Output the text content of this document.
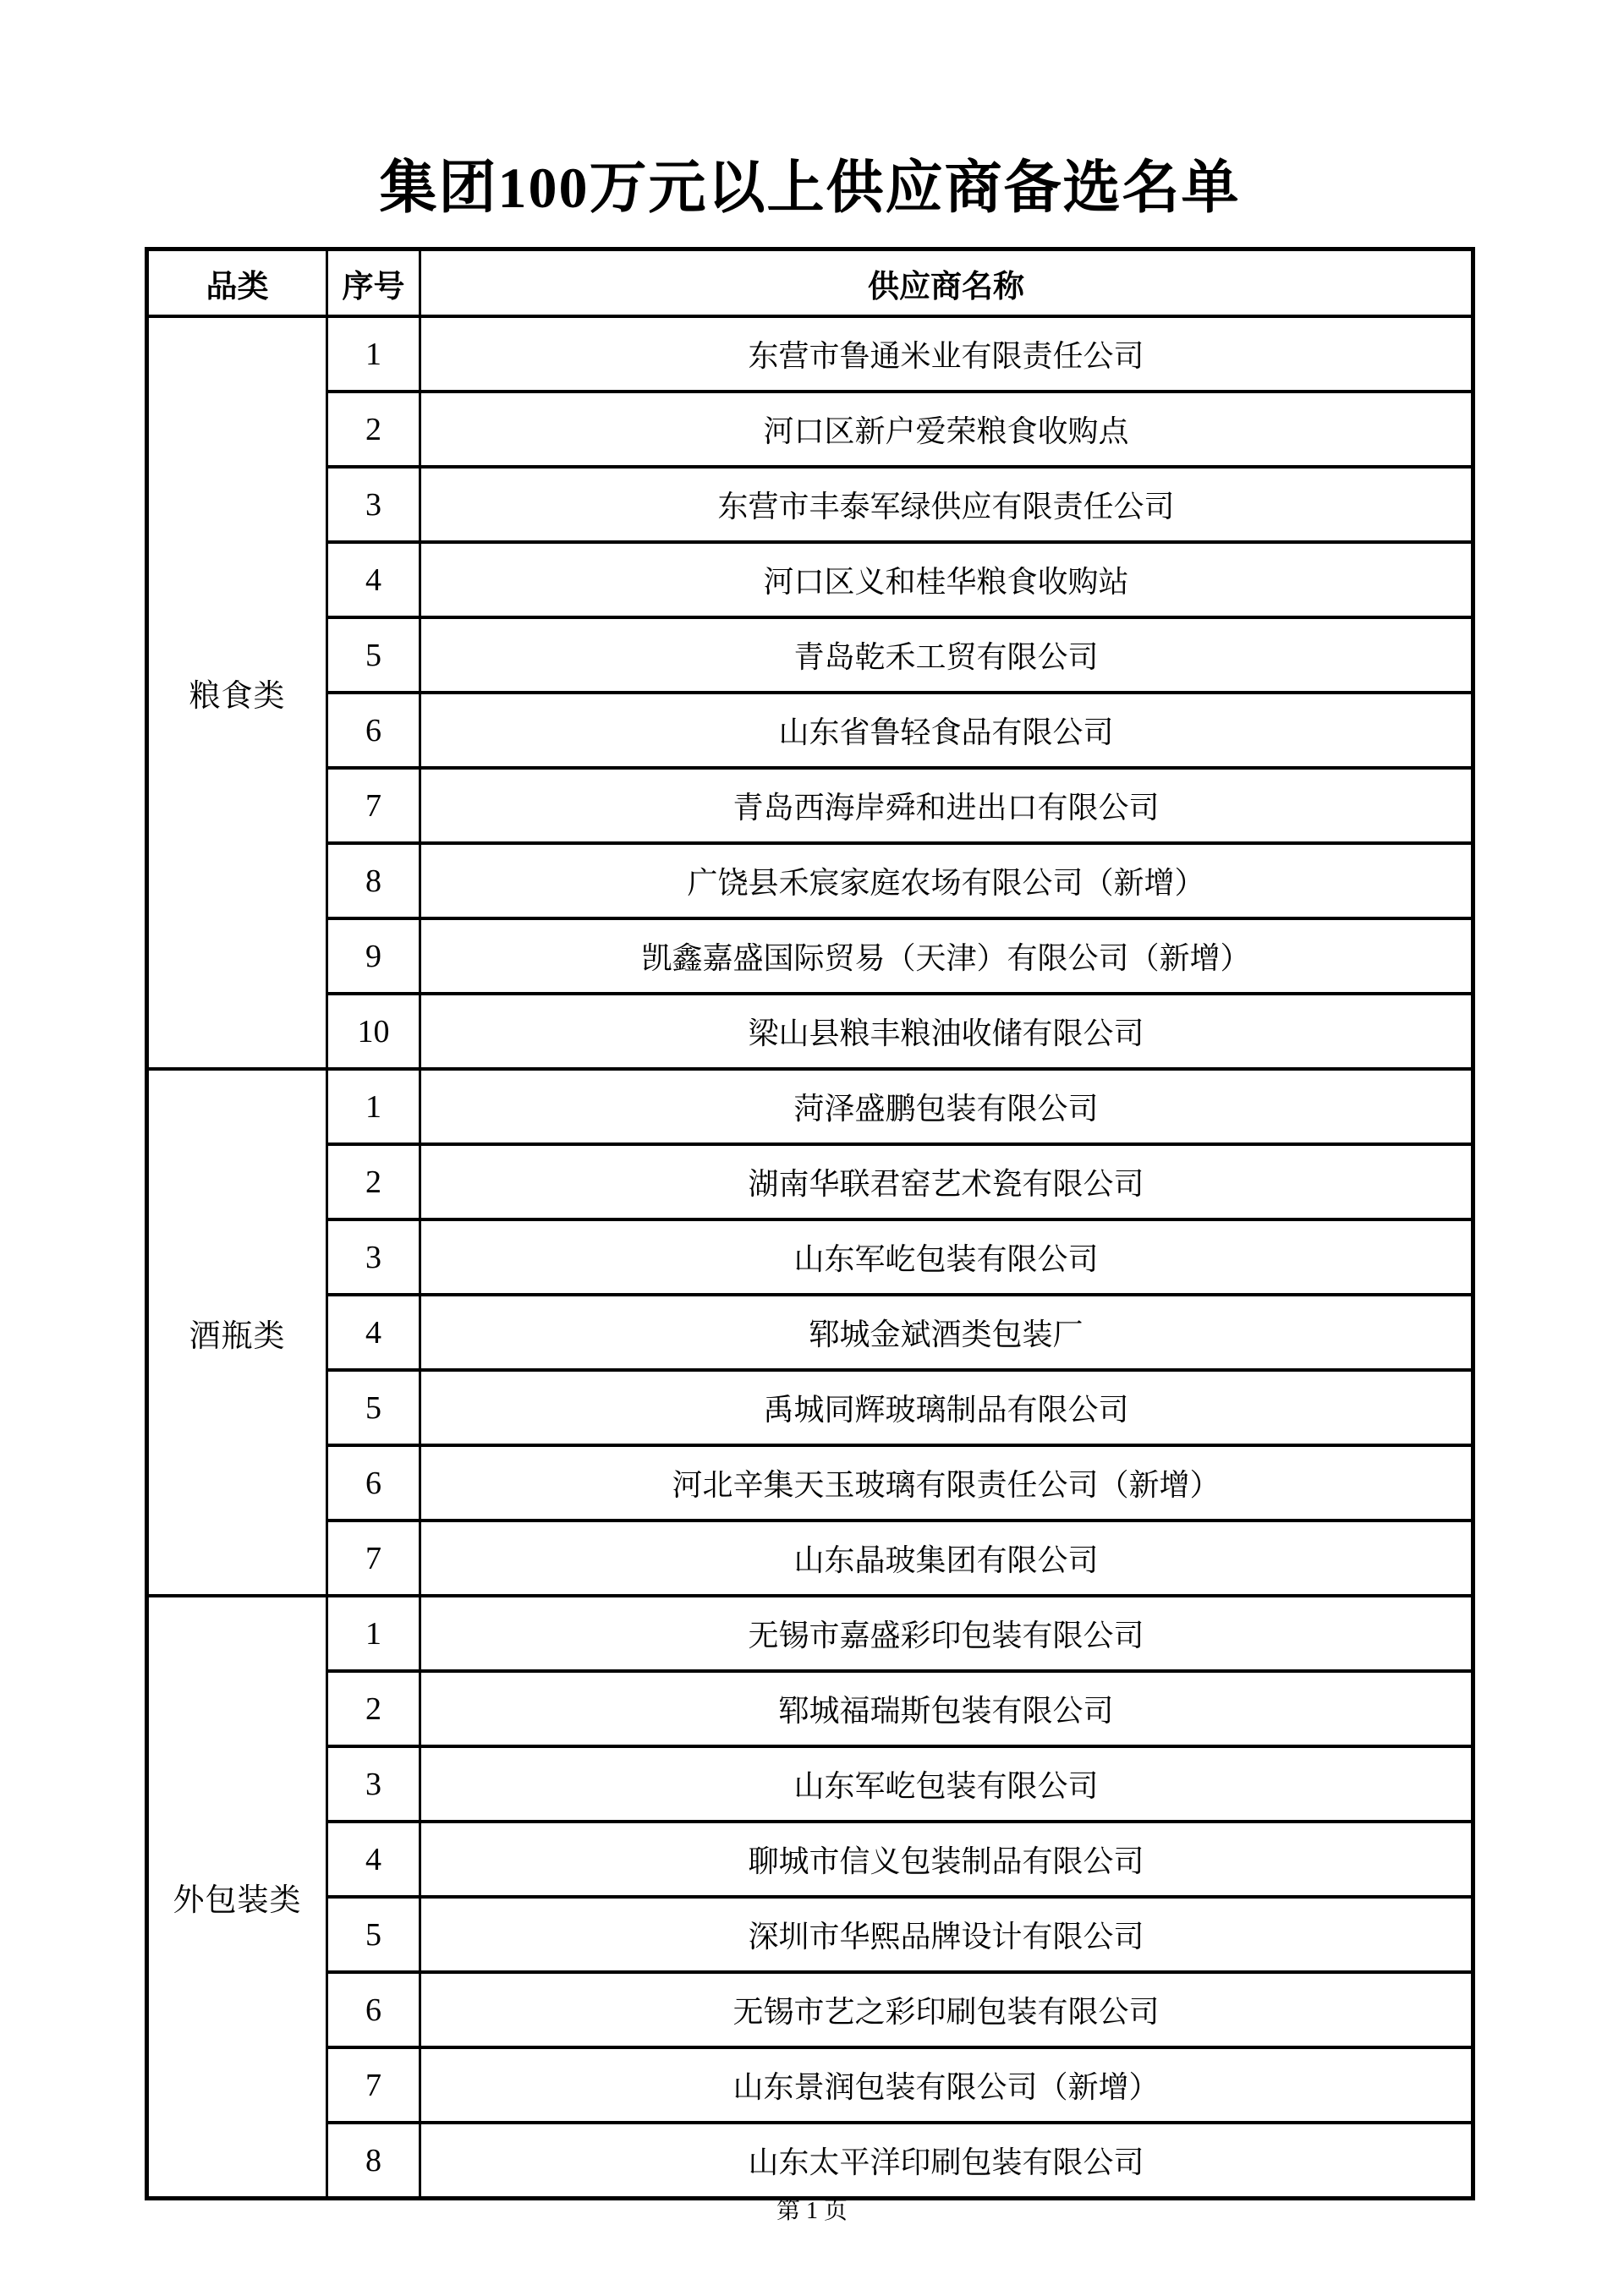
集团100万元以上供应商备选名单
品类	序号	供应商名称
粮食类	1	东营市鲁通米业有限责任公司
	2	河口区新户爱荣粮食收购点
	3	东营市丰泰军绿供应有限责任公司
	4	河口区义和桂华粮食收购站
	5	青岛乾禾工贸有限公司
	6	山东省鲁轻食品有限公司
	7	青岛西海岸舜和进出口有限公司
	8	广饶县禾宸家庭农场有限公司（新增）
	9	凯鑫嘉盛国际贸易（天津）有限公司（新增）
	10	梁山县粮丰粮油收储有限公司
酒瓶类	1	菏泽盛鹏包装有限公司
	2	湖南华联君窑艺术瓷有限公司
	3	山东军屹包装有限公司
	4	郓城金斌酒类包装厂
	5	禹城同辉玻璃制品有限公司
	6	河北辛集天玉玻璃有限责任公司（新增）
	7	山东晶玻集团有限公司
外包装类	1	无锡市嘉盛彩印包装有限公司
	2	郓城福瑞斯包装有限公司
	3	山东军屹包装有限公司
	4	聊城市信义包装制品有限公司
	5	深圳市华熙品牌设计有限公司
	6	无锡市艺之彩印刷包装有限公司
	7	山东景润包装有限公司（新增）
	8	山东太平洋印刷包装有限公司
第 1 页
